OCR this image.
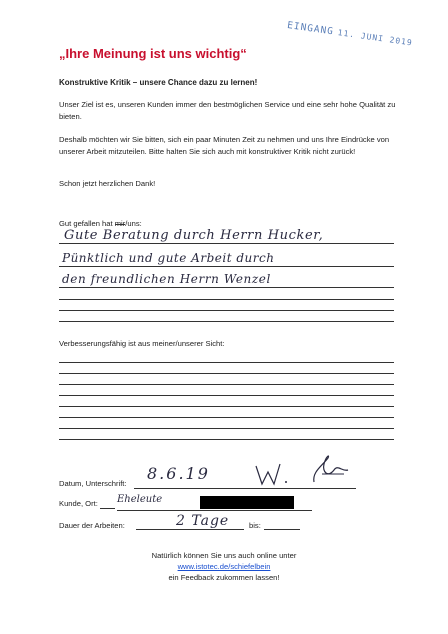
EINGANG 11. JUNI 2019
„Ihre Meinung ist uns wichtig“
Konstruktive Kritik – unsere Chance dazu zu lernen!
Unser Ziel ist es, unseren Kunden immer den bestmöglichen Service und eine sehr hohe Qualität zu bieten.
Deshalb möchten wir Sie bitten, sich ein paar Minuten Zeit zu nehmen und uns Ihre Eindrücke von unserer Arbeit mitzuteilen. Bitte halten Sie sich auch mit konstruktiver Kritik nicht zurück!
Schon jetzt herzlichen Dank!
Gut gefallen hat mir/uns:
Gute Beratung durch Herrn Hucker,
Pünktlich und gute Arbeit durch
den freundlichen Herrn Wenzel
Verbesserungsfähig ist aus meiner/unserer Sicht:
Datum, Unterschrift:
8.6.19
Kunde, Ort: Eheleute
Dauer der Arbeiten:	2 Tage	bis:
Natürlich können Sie uns auch online unter
www.istotec.de/schiefelbein
ein Feedback zukommen lassen!
